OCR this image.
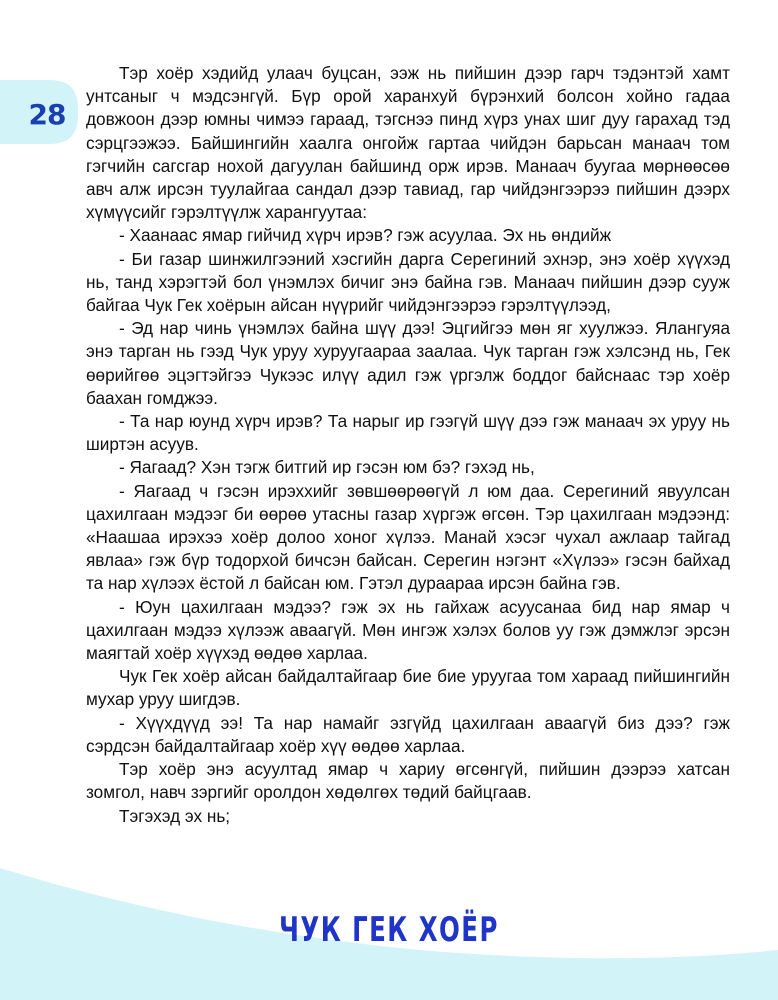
28

Тэр хоёр хэдийд улаач буцсан, ээж нь пийшин дээр гарч тэдэнтэй хамт унтсаныг ч мэдсэнгүй. Бүр орой харанхуй бүрэнхий болсон хойно гадаа довжоон дээр юмны чимээ гараад, тэгснээ пинд хүрз унах шиг дуу гарахад тэд сэрцгээжээ. Байшингийн хаалга онгойж гартаа чийдэн барьсан манаач том гэгчийн сагсгар нохой дагуулан байшинд орж ирэв. Манаач буугаа мөрнөөсөө авч алж ирсэн туулайгаа сандал дээр тавиад, гар чийдэнгээрээ пийшин дээрх хүмүүсийг гэрэлтүүлж харангуутаа:

- Хаанаас ямар гийчид хүрч ирэв? гэж асуулаа. Эх нь өндийж

- Би газар шинжилгээний хэсгийн дарга Серегиний эхнэр, энэ хоёр хүүхэд нь, танд хэрэгтэй бол үнэмлэх бичиг энэ байна гэв. Манаач пийшин дээр сууж байгаа Чук Гек хоёрын айсан нүүрийг чийдэнгээрээ гэрэлтүүлээд,

- Эд нар чинь үнэмлэх байна шүү дээ! Эцгийгээ мөн яг хуулжээ. Ялангуяа энэ тарган нь гээд Чук уруу хуруугаараа заалаа. Чук тарган гэж хэлсэнд нь, Гек өөрийгөө эцэгтэйгээ Чукээс илүү адил гэж үргэлж боддог байснаас тэр хоёр баахан гомджээ.

- Та нар юунд хүрч ирэв? Та нарыг ир гээгүй шүү дээ гэж манаач эх уруу нь ширтэн асуув.

- Яагаад? Хэн тэгж битгий ир гэсэн юм бэ? гэхэд нь,

- Яагаад ч гэсэн ирэххийг зөвшөөрөөгүй л юм даа. Серегиний явуулсан цахилгаан мэдээг би өөрөө утасны газар хүргэж өгсөн. Тэр цахилгаан мэдээнд: «Наашаа ирэхээ хоёр долоо хоног хүлээ. Манай хэсэг чухал ажлаар тайгад явлаа» гэж бүр тодорхой бичсэн байсан. Серегин нэгэнт «Хүлээ» гэсэн байхад та нар хүлээх ёстой л байсан юм. Гэтэл дураараа ирсэн байна гэв.

- Юун цахилгаан мэдээ? гэж эх нь гайхаж асуусанаа бид нар ямар ч цахилгаан мэдээ хүлээж аваагүй. Мөн ингэж хэлэх болов уу гэж дэмжлэг эрсэн маягтай хоёр хүүхэд өөдөө харлаа.

Чук Гек хоёр айсан байдалтайгаар бие бие уруугаа том хараад пийшингийн мухар уруу шигдэв.

- Хүүхдүүд ээ! Та нар намайг эзгүйд цахилгаан аваагүй биз дээ? гэж сэрдсэн байдалтайгаар хоёр хүү өөдөө харлаа.

Тэр хоёр энэ асуултад ямар ч хариу өгсөнгүй, пийшин дээрээ хатсан зомгол, навч зэргийг оролдон хөдөлгөх төдий байцгаав.

Тэгэхэд эх нь;

ЧУК ГЕК ХОЁР
